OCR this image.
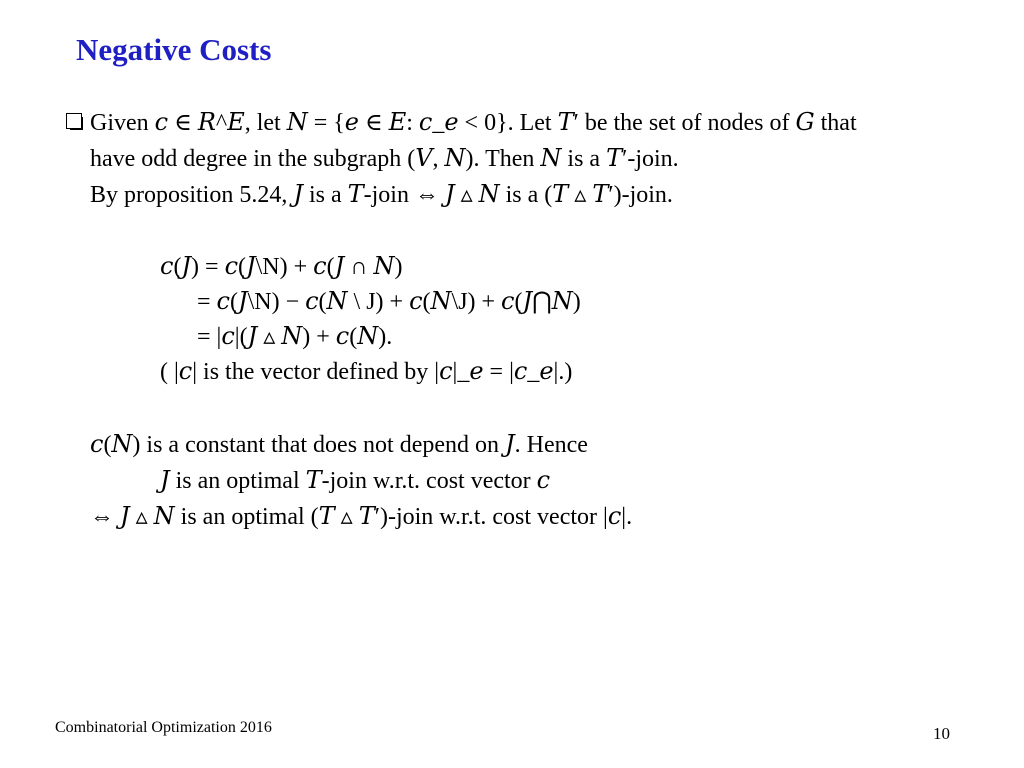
Negative Costs
Given 𝑐 ∈ 𝑅^𝐸, let 𝑁 = {𝑒 ∈ 𝐸: 𝑐_𝑒 < 0}. Let 𝑇′ be the set of nodes of 𝐺 that
have odd degree in the subgraph (𝑉, 𝑁). Then 𝑁 is a 𝑇′-join.
By proposition 5.24, 𝐽 is a 𝑇-join ⇔ 𝐽 ▵ 𝑁 is a (𝑇 ▵ 𝑇′)-join.
𝑐(𝐽) = 𝑐(𝐽\N) + 𝑐(𝐽 ∩ 𝑁)
= 𝑐(𝐽\N) − 𝑐(𝑁 \ J) + 𝑐(𝑁\J) + 𝑐(𝐽⋂𝑁)
= |𝑐|(𝐽 ▵ 𝑁) + 𝑐(𝑁).
( |𝑐| is the vector defined by |𝑐|_𝑒 = |𝑐_𝑒|.)
𝑐(𝑁) is a constant that does not depend on 𝐽. Hence
𝐽 is an optimal 𝑇-join w.r.t. cost vector 𝑐
⇔ 𝐽 ▵ 𝑁 is an optimal (𝑇 ▵ 𝑇′)-join w.r.t. cost vector |𝑐|.
Combinatorial Optimization 2016	10
